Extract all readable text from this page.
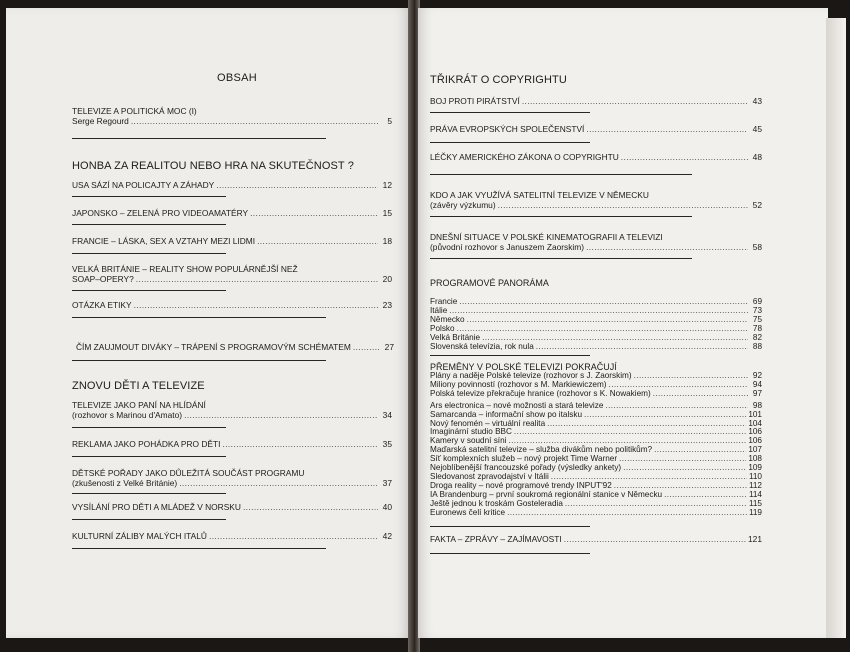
OBSAH
TELEVIZE A POLITICKÁ MOC (I)
Serge Regourd .....	5
HONBA ZA REALITOU NEBO HRA NA SKUTEČNOST ?
USA SÁZÍ NA POLICAJTY A ZÁHADY .....	12
JAPONSKO – ZELENÁ PRO VIDEOAMATÉRY .....	15
FRANCIE – LÁSKA, SEX A VZTAHY MEZI LIDMI .....	18
VELKÁ BRITÁNIE – REALITY SHOW POPULÁRNĚJŠÍ NEŽ
SOAP–OPERY? .....	20
OTÁZKA ETIKY .....	23
ČÍM ZAUJMOUT DIVÁKY – TRÁPENÍ S PROGRAMOVÝM SCHÉMATEM .....	27
ZNOVU DĚTI A TELEVIZE
TELEVIZE JAKO PANÍ NA HLÍDÁNÍ
(rozhovor s Marinou d'Amato) .....	34
REKLAMA JAKO POHÁDKA PRO DĚTI .....	35
DĚTSKÉ POŘADY JAKO DŮLEŽITÁ SOUČÁST PROGRAMU
(zkušenosti z Velké Británie) .....	37
VYSÍLÁNÍ PRO DĚTI A MLÁDEŽ V NORSKU .....	40
KULTURNÍ ZÁLIBY MALÝCH ITALŮ .....	42
TŘIKRÁT O COPYRIGHTU
BOJ PROTI PIRÁTSTVÍ .....	43
PRÁVA EVROPSKÝCH SPOLEČENSTVÍ .....	45
LÉČKY AMERICKÉHO ZÁKONA O COPYRIGHTU .....	48
KDO A JAK VYUŽÍVÁ SATELITNÍ TELEVIZE V NĚMECKU
(závěry výzkumu) .....	52
DNEŠNÍ SITUACE V POLSKÉ KINEMATOGRAFII A TELEVIZI
(původní rozhovor s Januszem Zaorskim) .....	58
PROGRAMOVÉ PANORÁMA
Francie .....	69
Itálie .....	73
Německo .....	75
Polsko .....	78
Velká Británie .....	82
Slovenská televízia, rok nula .....	88
PŘEMĚNY V POLSKÉ TELEVIZI POKRAČUJÍ
Plány a naděje Polské televize (rozhovor s J. Zaorskim) .....	92
Miliony povinností (rozhovor s M. Markiewiczem) .....	94
Polská televize překračuje hranice (rozhovor s K. Nowakiem) .....	97
Ars electronica – nové možnosti a stará televize .....	98
Samarcanda – informační show po italsku .....	101
Nový fenomén – virtuální realita .....	104
Imaginární studio BBC .....	106
Kamery v soudní síni .....	106
Maďarská satelitní televize – služba divákům nebo politikům? .....	107
Síť komplexních služeb – nový projekt Time Warner .....	108
Nejoblíbenější francouzské pořady (výsledky ankety) .....	109
Sledovanost zpravodajství v Itálii .....	110
Droga reality – nové programové trendy INPUT'92 .....	112
IA Brandenburg – první soukromá regionální stanice v Německu .....	114
Ještě jednou k troskám Gosteleradia .....	115
Euronews čelí kritice .....	119
FAKTA – ZPRÁVY – ZAJÍMAVOSTI .....	121
